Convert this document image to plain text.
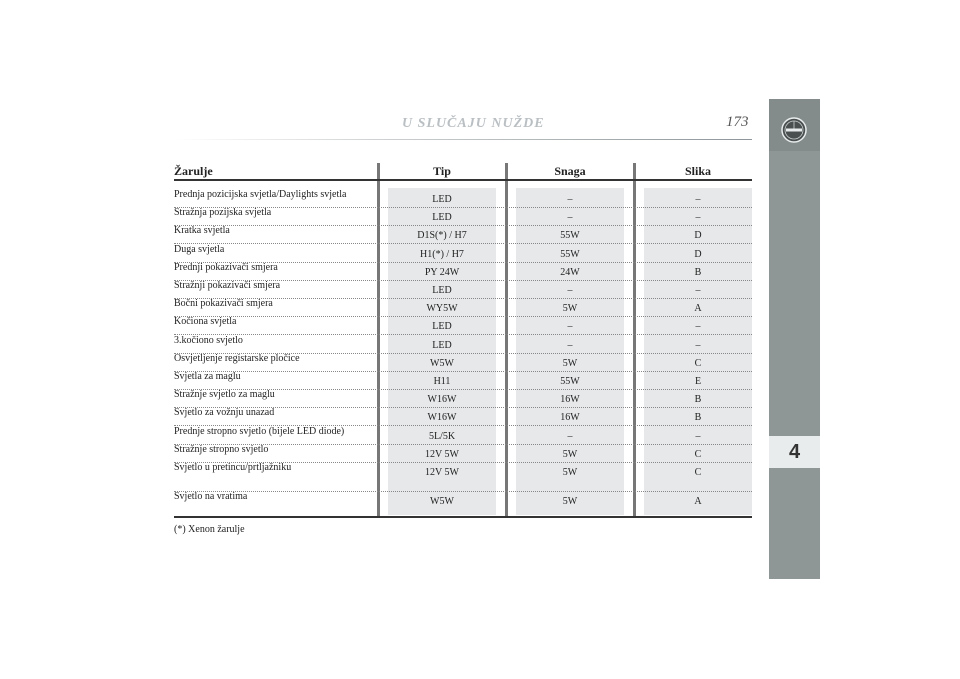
U SLUČAJU NUŽDE	173
4
Žarulje	Tip	Snaga	Slika
Prednja pozicijska svjetla/Daylights svjetla	LED	–	–
Stražnja pozijska svjetla	LED	–	–
Kratka svjetla	D1S(*) / H7	55W	D
Duga svjetla	H1(*) / H7	55W	D
Prednji pokazivači smjera	PY 24W	24W	B
Stražnji pokazivači smjera	LED	–	–
Bočni pokazivači smjera	WY5W	5W	A
Kočiona svjetla	LED	–	–
3.kočiono svjetlo	LED	–	–
Osvjetljenje registarske pločice	W5W	5W	C
Svjetla za maglu	H11	55W	E
Stražnje svjetlo za maglu	W16W	16W	B
Svjetlo za vožnju unazad	W16W	16W	B
Prednje stropno svjetlo (bijele LED diode)	5L/5K	–	–
Stražnje stropno svjetlo	12V 5W	5W	C
Svjetlo u pretincu/prtljažniku	12V 5W	5W	C
Svjetlo na vratima	W5W	5W	A
(*) Xenon žarulje
